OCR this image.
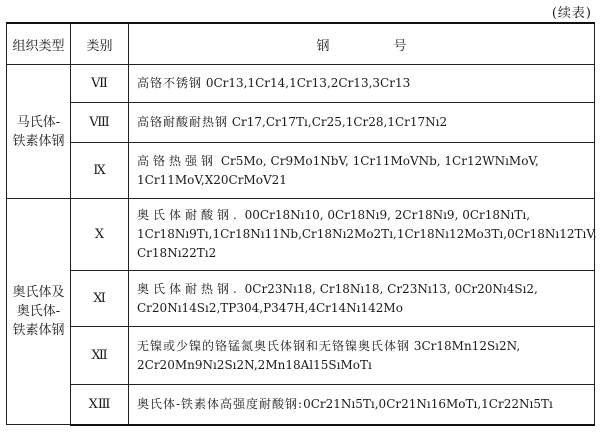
(续表)
组织类型	类别	钢 号

马氏体-
铁素体钢	Ⅶ	高铬不锈钢 0Cr13,1Cr14,1Cr13,2Cr13,3Cr13
	Ⅷ	高铬耐酸耐热钢 Cr17,Cr17Tı,Cr25,1Cr28,1Cr17Nı2
	Ⅸ	高铬热强钢 Cr5Mo, Cr9Mo1NbV, 1Cr11MoVNb, 1Cr12WNıMoV, 1Cr11MoV,X20CrMoV21

奥氏体及
奥氏体-
铁素体钢	Ⅹ	奥氏体耐酸钢. 00Cr18Nı10, 0Cr18Nı9, 2Cr18Nı9, 0Cr18NıTı, 1Cr18Nı9Tı,1Cr18Nı11Nb,Cr18Nı2Mo2Tı,1Cr18Nı12Mo3Tı,0Cr18Nı12TıV, Cr18Nı22Tı2
	Ⅺ	奥氏体耐热钢. 0Cr23Nı18, Cr18Nı18, Cr23Nı13, 0Cr20Nı4Sı2, Cr20Nı14Sı2,TP304,P347H,4Cr14Nı142Mo
	Ⅻ	无镍或少镍的铬锰氮奥氏体钢和无铬镍奥氏体钢 3Cr18Mn12Sı2N, 2Cr20Mn9Nı2Sı2N,2Mn18Al15SıMoTı
	ⅩⅢ	奥氏体-铁素体高强度耐酸钢:0Cr21Nı5Tı,0Cr21Nı16MoTı,1Cr22Nı5Tı
